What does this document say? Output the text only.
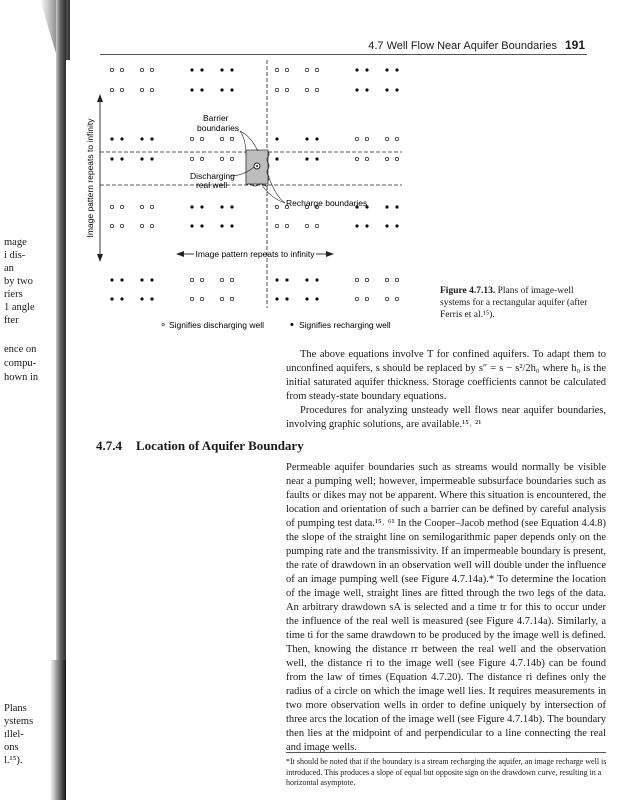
mage
i dis-
an
by two
riers
1 angle
fter
ence on
compu-
hown in
Plans
ystems
ıllel-
ons
l.¹⁵).
4.7 Well Flow Near Aquifer Boundaries 191
Barrier
boundaries
Discharging
real well
Recharge boundaries
Image pattern repeats to infinity
Image pattern repeats to infinity
∘ Signifies discharging well • Signifies recharging well
Figure 4.7.13. Plans of image-well systems for a rectangular aquifer (after Ferris et al.¹⁵).

The above equations involve T for confined aquifers. To adapt them to unconfined aquifers, s should be replaced by s″ = s − s²/2h₀ where h₀ is the initial saturated aquifer thickness. Storage coefficients cannot be calculated from steady-state boundary equations.

Procedures for analyzing unsteady well flows near aquifer boundaries, involving graphic solutions, are available.¹⁵˒ ²¹

4.7.4 Location of Aquifer Boundary

Permeable aquifer boundaries such as streams would normally be visible near a pumping well; however, impermeable subsurface boundaries such as faults or dikes may not be apparent. Where this situation is encountered, the location and orientation of such a barrier can be defined by careful analysis of pumping test data.¹⁵˒ ⁶¹ In the Cooper–Jacob method (see Equation 4.4.8) the slope of the straight line on semilogarithmic paper depends only on the pumping rate and the transmissivity. If an impermeable boundary is present, the rate of drawdown in an observation well will double under the influence of an image pumping well (see Figure 4.7.14a).* To determine the location of the image well, straight lines are fitted through the two legs of the data. An arbitrary drawdown sA is selected and a time tr for this to occur under the influence of the real well is measured (see Figure 4.7.14a). Similarly, a time ti for the same drawdown to be produced by the image well is defined. Then, knowing the distance rr between the real well and the observation well, the distance ri to the image well (see Figure 4.7.14b) can be found from the law of times (Equation 4.7.20). The distance ri defines only the radius of a circle on which the image well lies. It requires measurements in two more observation wells in order to define uniquely by intersection of three arcs the location of the image well (see Figure 4.7.14b). The boundary then lies at the midpoint of and perpendicular to a line connecting the real and image wells.

*It should be noted that if the boundary is a stream recharging the aquifer, an image recharge well is introduced. This produces a slope of equal but opposite sign on the drawdown curve, resulting in a horizontal asymptote.
